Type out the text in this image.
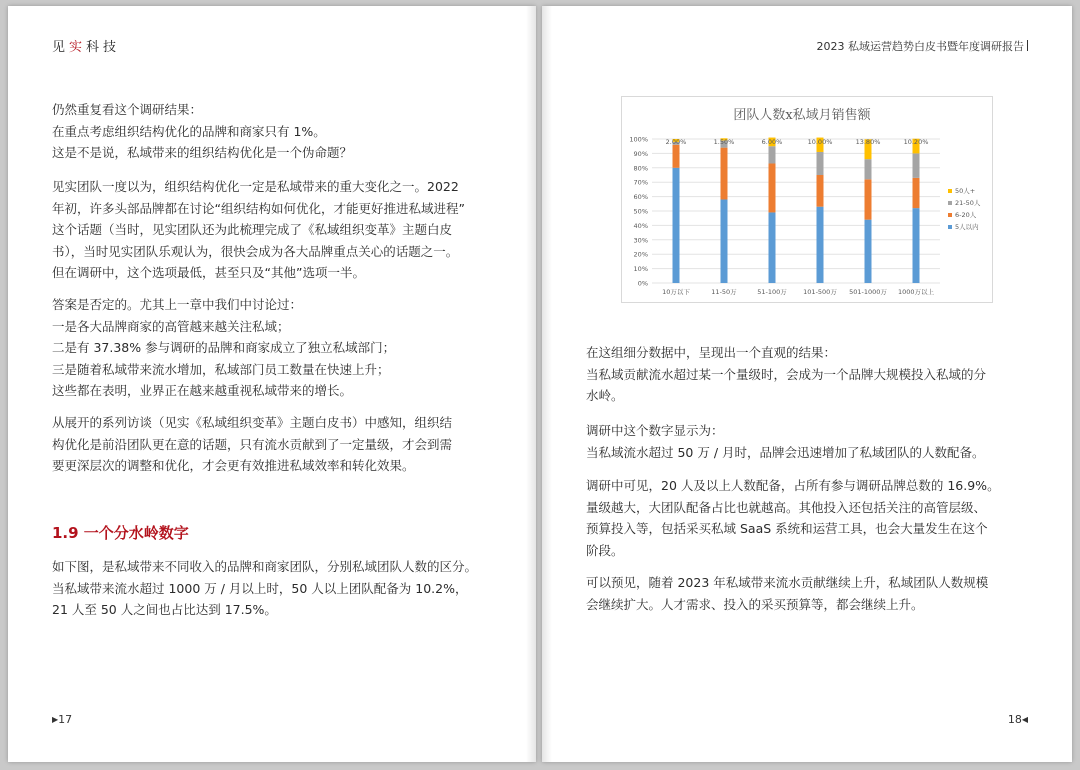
见实科技

仍然重复看这个调研结果：

在重点考虑组织结构优化的品牌和商家只有 1%。

这是不是说，私域带来的组织结构优化是一个伪命题？

见实团队一度以为，组织结构优化一定是私域带来的重大变化之一。2022

年初，许多头部品牌都在讨论“组织结构如何优化，才能更好推进私域进程”

这个话题（当时，见实团队还为此梳理完成了《私域组织变革》主题白皮

书），当时见实团队乐观认为，很快会成为各大品牌重点关心的话题之一。

但在调研中，这个选项最低，甚至只及“其他”选项一半。

答案是否定的。尤其上一章中我们中讨论过：

一是各大品牌商家的高管越来越关注私域；

二是有 37.38% 参与调研的品牌和商家成立了独立私域部门；

三是随着私域带来流水增加，私域部门员工数量在快速上升；

这些都在表明，业界正在越来越重视私域带来的增长。

从展开的系列访谈（见实《私域组织变革》主题白皮书）中感知，组织结

构优化是前沿团队更在意的话题，只有流水贡献到了一定量级，才会到需

要更深层次的调整和优化，才会更有效推进私域效率和转化效果。

1.9 一个分水岭数字

如下图，是私域带来不同收入的品牌和商家团队，分别私域团队人数的区分。

当私域带来流水超过 1000 万 / 月以上时，50 人以上团队配备为 10.2%，

21 人至 50 人之间也占比达到 17.5%。

▶17
2023 私域运营趋势白皮书暨年度调研报告
团队人数x私域月销售额
100%
90%
80%
70%
60%
50%
40%
30%
20%
10%
0%
10万以下
2.00%
11-50万
1.50%
51-100万
6.00%
101-500万
10.00%
501-1000万
13.80%
1000万以上
10.20%
50人+
21-50人
6-20人
5人以内

在这组细分数据中，呈现出一个直观的结果：

当私域贡献流水超过某一个量级时，会成为一个品牌大规模投入私域的分

水岭。

调研中这个数字显示为：

当私域流水超过 50 万 / 月时，品牌会迅速增加了私域团队的人数配备。

调研中可见，20 人及以上人数配备，占所有参与调研品牌总数的 16.9%。

量级越大，大团队配备占比也就越高。其他投入还包括关注的高管层级、

预算投入等，包括采买私域 SaaS 系统和运营工具，也会大量发生在这个

阶段。

可以预见，随着 2023 年私域带来流水贡献继续上升，私域团队人数规模

会继续扩大。人才需求、投入的采买预算等，都会继续上升。

18◀
